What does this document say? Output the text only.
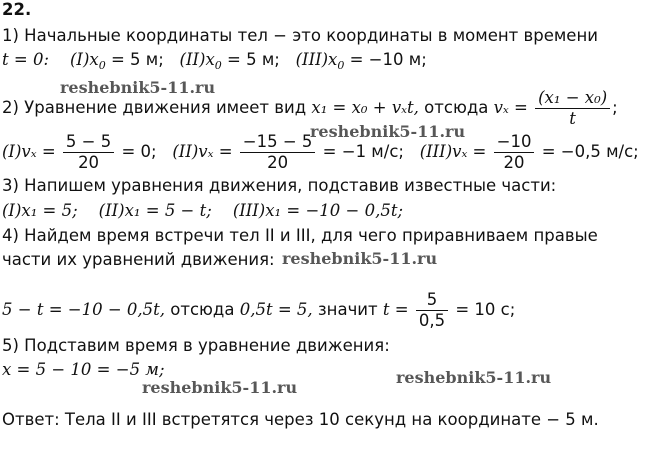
22.
1) Начальные координаты тел − это координаты в момент времени
t = 0: $(I)x_0 = 5$ м; $(II)x_0 = 5$ м; $(III)x_0 = -10$ м;
2) Уравнение движения имеет вид x₁ = x₀ + vₓt, отсюда $v_x = \frac{\text{(x₁ − x₀)}}{t}$ ;
$(I)v_x = \frac{5 - 5}{20} = 0$; $(II)v_x = \frac{-15 - 5}{20} = -1$ м/с; $(III)v_x = \frac{-10}{20} = -0,5$ м/с;
3) Напишем уравнения движения, подставив известные части:
(I)x₁ = 5; (II)x₁ = 5 − t; (III)x₁ = −10 − 0,5t;
4) Найдем время встречи тел II и III, для чего приравниваем правые
части их уравнений движения:
5 − t = −10 − 0,5t, отсюда 0,5t = 5, значит $t = \frac{5}{0,5} = 10$ с;
5) Подставим время в уравнение движения:
x = 5 − 10 = −5 м;
Ответ: Тела II и III встретятся через 10 секунд на координате − 5 м.
reshebnik5-11.ru
reshebnik5-11.ru
reshebnik5-11.ru
reshebnik5-11.ru
reshebnik5-11.ru
